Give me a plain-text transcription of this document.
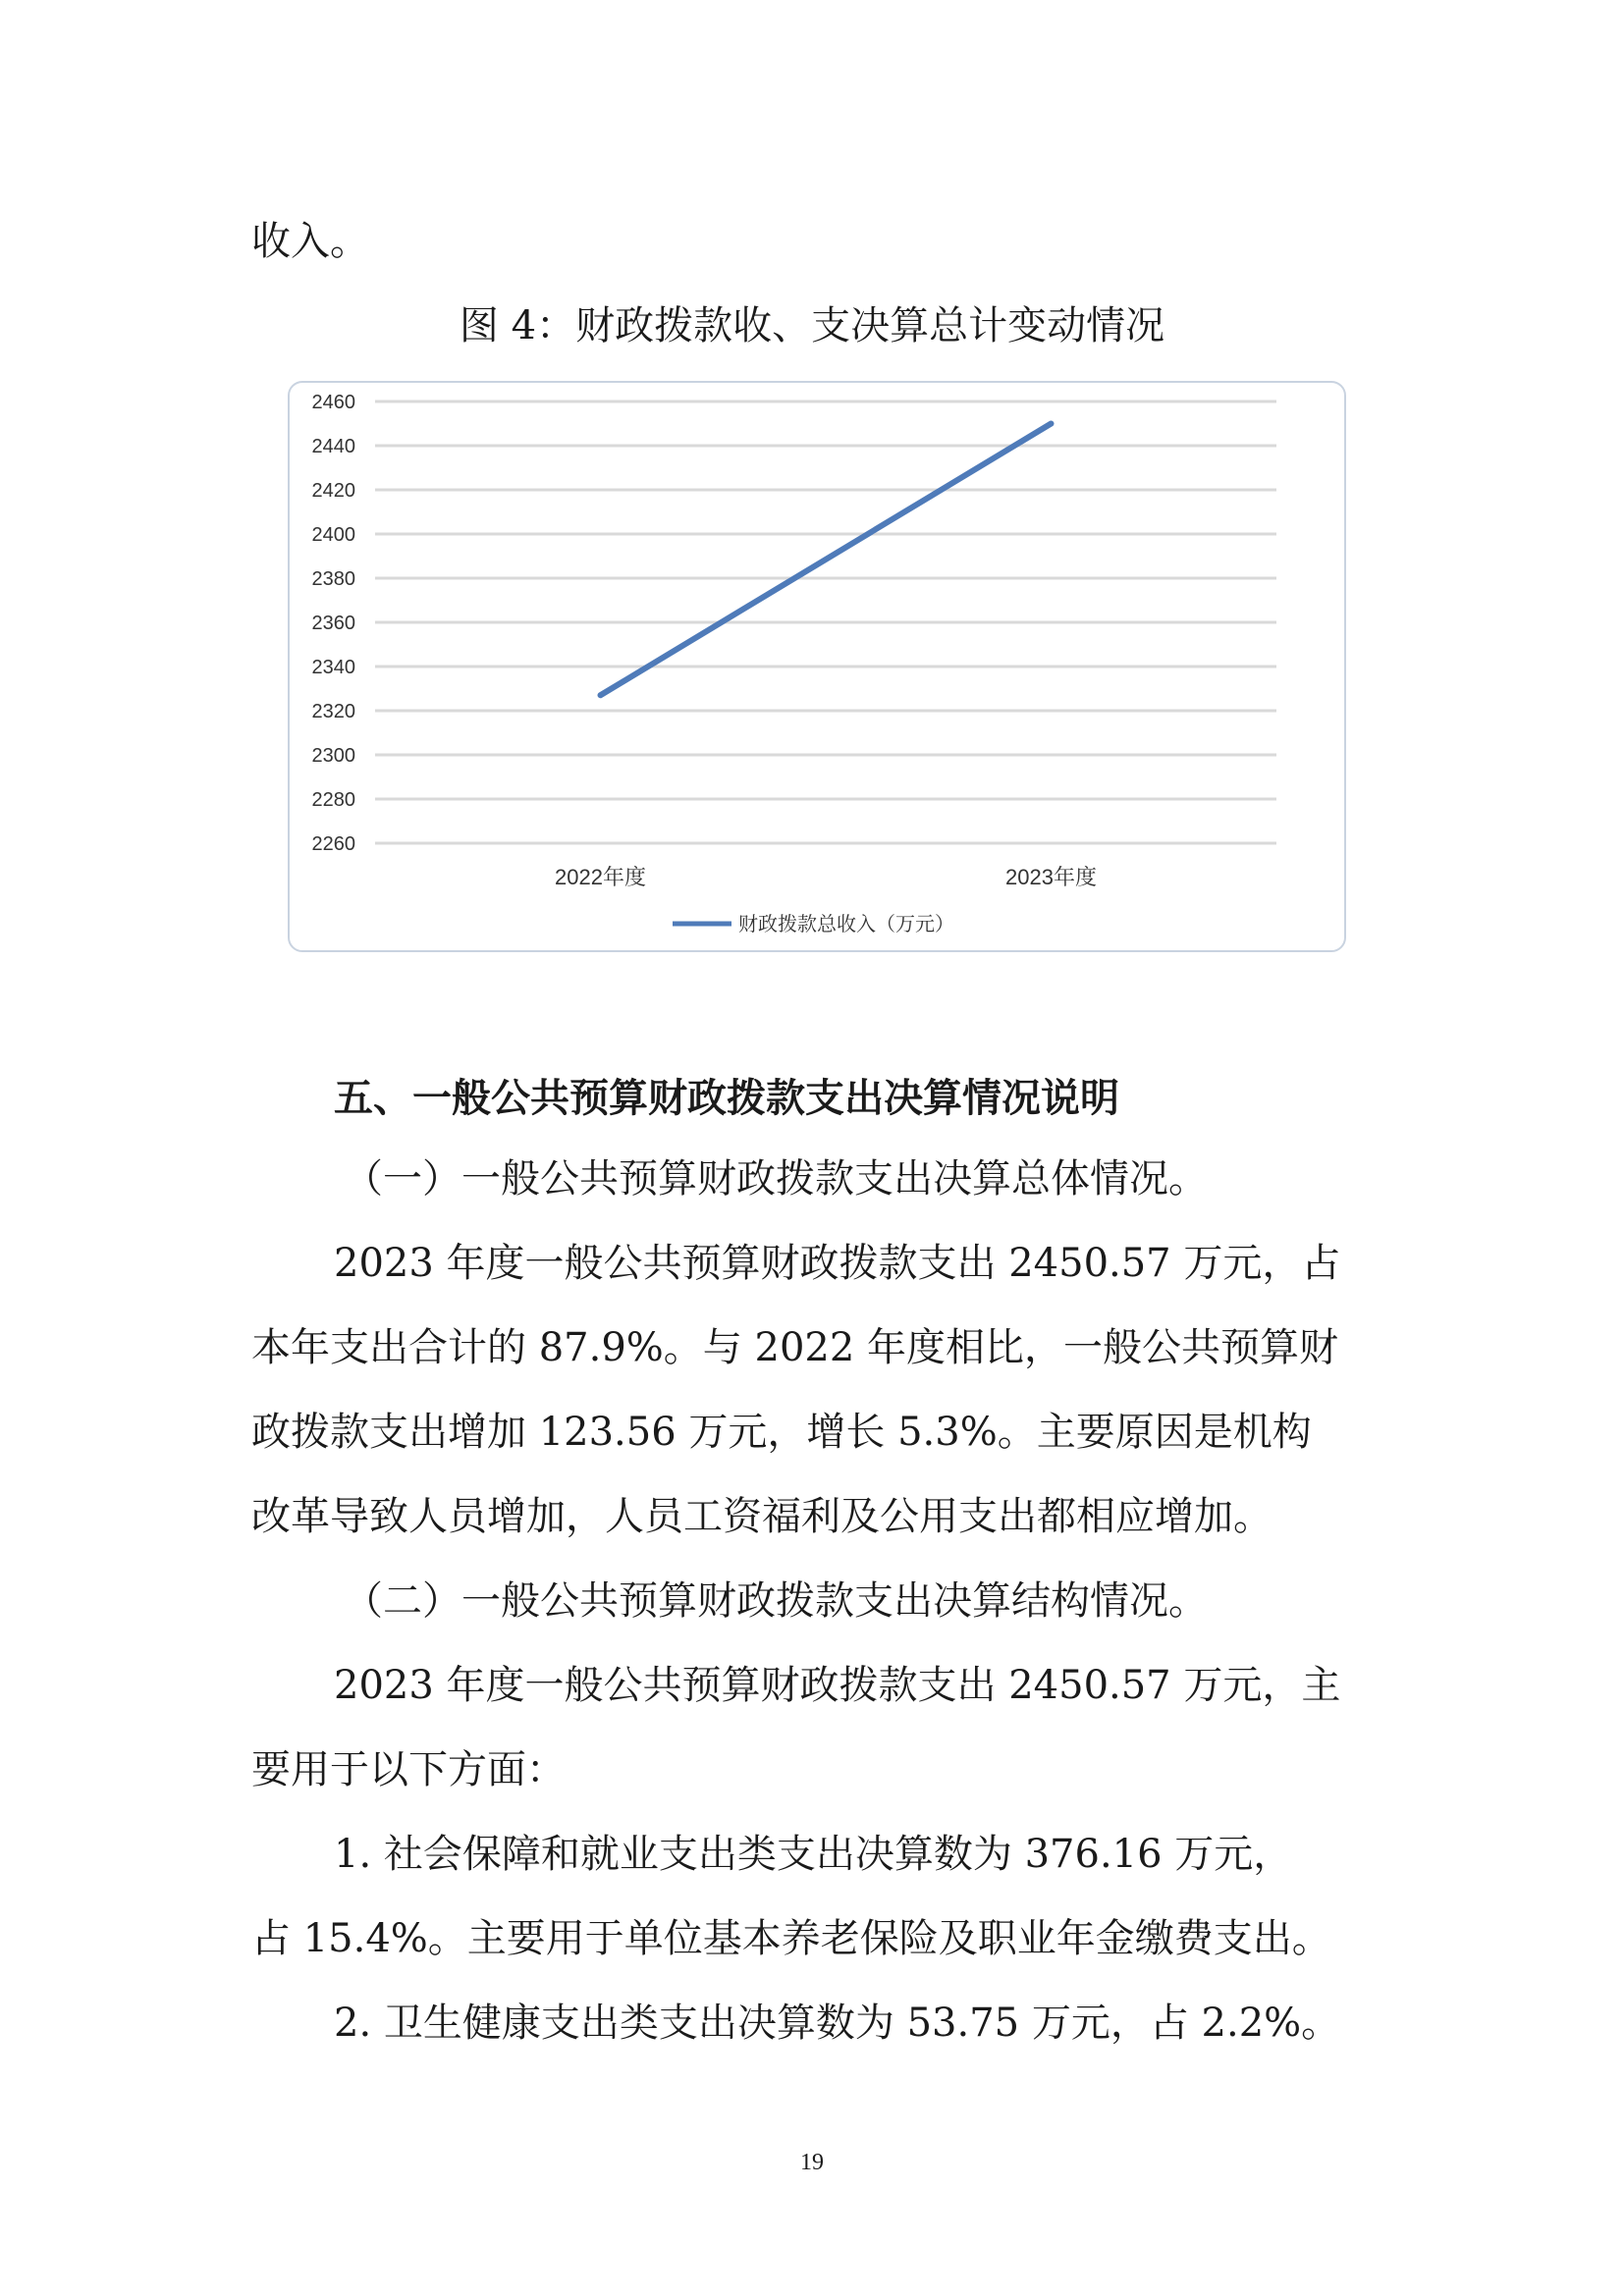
收入。
图 4：财政拨款收、支决算总计变动情况
2260
2280
2300
2320
2340
2360
2380
2400
2420
2440
2460
2022年度	2023年度
财政拨款总收入（万元）
五、一般公共预算财政拨款支出决算情况说明
（一）一般公共预算财政拨款支出决算总体情况。
2023 年度一般公共预算财政拨款支出 2450.57 万元，占
本年支出合计的 87.9%。与 2022 年度相比，一般公共预算财
政拨款支出增加 123.56 万元，增长 5.3%。主要原因是机构
改革导致人员增加，人员工资福利及公用支出都相应增加。
（二）一般公共预算财政拨款支出决算结构情况。
2023 年度一般公共预算财政拨款支出 2450.57 万元，主
要用于以下方面：
1. 社会保障和就业支出类支出决算数为 376.16 万元，
占 15.4%。主要用于单位基本养老保险及职业年金缴费支出。
2. 卫生健康支出类支出决算数为 53.75 万元，占 2.2%。
19
